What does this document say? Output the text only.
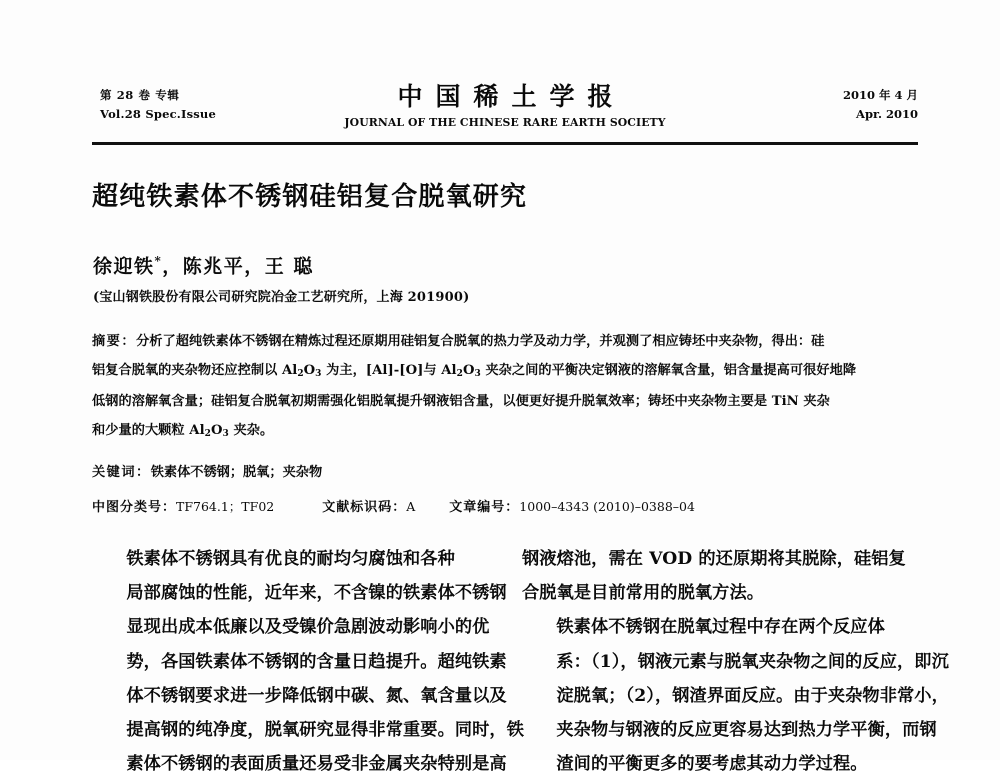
第 28 卷 专辑
Vol.28 Spec.Issue
中国稀土学报
JOURNAL OF THE CHINESE RARE EARTH SOCIETY
2010 年 4 月
Apr. 2010
超纯铁素体不锈钢硅铝复合脱氧研究
徐迎铁*，陈兆平，王 聪
(宝山钢铁股份有限公司研究院冶金工艺研究所，上海 201900)
摘要：分析了超纯铁素体不锈钢在精炼过程还原期用硅铝复合脱氧的热力学及动力学，并观测了相应铸坯中夹杂物，得出：硅
铝复合脱氧的夹杂物还应控制以 $Al_2O_3$ 为主，[Al]-[O]与 $Al_2O_3$ 夹杂之间的平衡决定钢液的溶解氧含量，铝含量提高可很好地降
低钢的溶解氧含量；硅铝复合脱氧初期需强化铝脱氧提升钢液铝含量，以便更好提升脱氧效率；铸坯中夹杂物主要是 TiN 夹杂
和少量的大颗粒 $Al_2O_3$ 夹杂。
关键词：铁素体不锈钢；脱氧；夹杂物
中图分类号：TF764.1；TF02	文献标识码：A	文章编号：1000–4343 (2010)–0388–04

铁素体不锈钢具有优良的耐均匀腐蚀和各种
局部腐蚀的性能，近年来，不含镍的铁素体不锈钢
显现出成本低廉以及受镍价急剧波动影响小的优
势，各国铁素体不锈钢的含量日趋提升。超纯铁素
体不锈钢要求进一步降低钢中碳、氮、氧含量以及
提高钢的纯净度，脱氧研究显得非常重要。同时，铁
素体不锈钢的表面质量还易受非金属夹杂特别是高

钢液熔池，需在 VOD 的还原期将其脱除，硅铝复
合脱氧是目前常用的脱氧方法。

铁素体不锈钢在脱氧过程中存在两个反应体
系：（1），钢液元素与脱氧夹杂物之间的反应，即沉
淀脱氧；（2），钢渣界面反应。由于夹杂物非常小，
夹杂物与钢液的反应更容易达到热力学平衡，而钢
渣间的平衡更多的要考虑其动力学过程。
